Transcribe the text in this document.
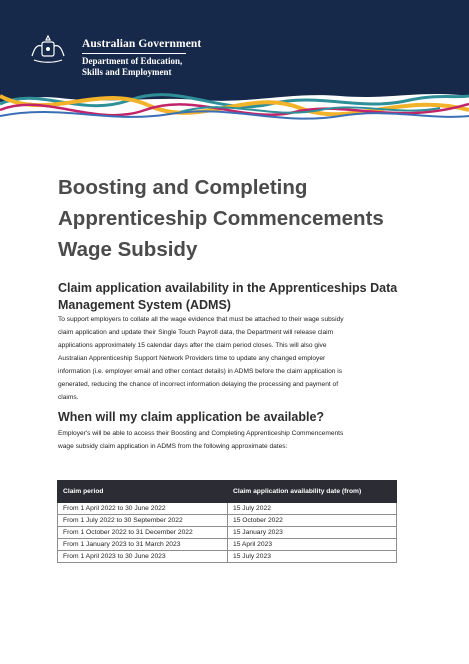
Australian Government
Department of Education,
Skills and Employment
Boosting and Completing
Apprenticeship Commencements
Wage Subsidy
Claim application availability in the Apprenticeships Data
Management System (ADMS)

To support employers to collate all the wage evidence that must be attached to their wage subsidy
claim application and update their Single Touch Payroll data, the Department will release claim
applications approximately 15 calendar days after the claim period closes. This will also give
Australian Apprenticeship Support Network Providers time to update any changed employer
information (i.e. employer email and other contact details) in ADMS before the claim application is
generated, reducing the chance of incorrect information delaying the processing and payment of
claims.

When will my claim application be available?

Employer's will be able to access their Boosting and Completing Apprenticeship Commencements
wage subsidy claim application in ADMS from the following approximate dates:

Claim period	Claim application availability date (from)
From 1 April 2022 to 30 June 2022	15 July 2022
From 1 July 2022 to 30 September 2022	15 October 2022
From 1 October 2022 to 31 December 2022	15 January 2023
From 1 January 2023 to 31 March 2023	15 April 2023
From 1 April 2023 to 30 June 2023	15 July 2023
